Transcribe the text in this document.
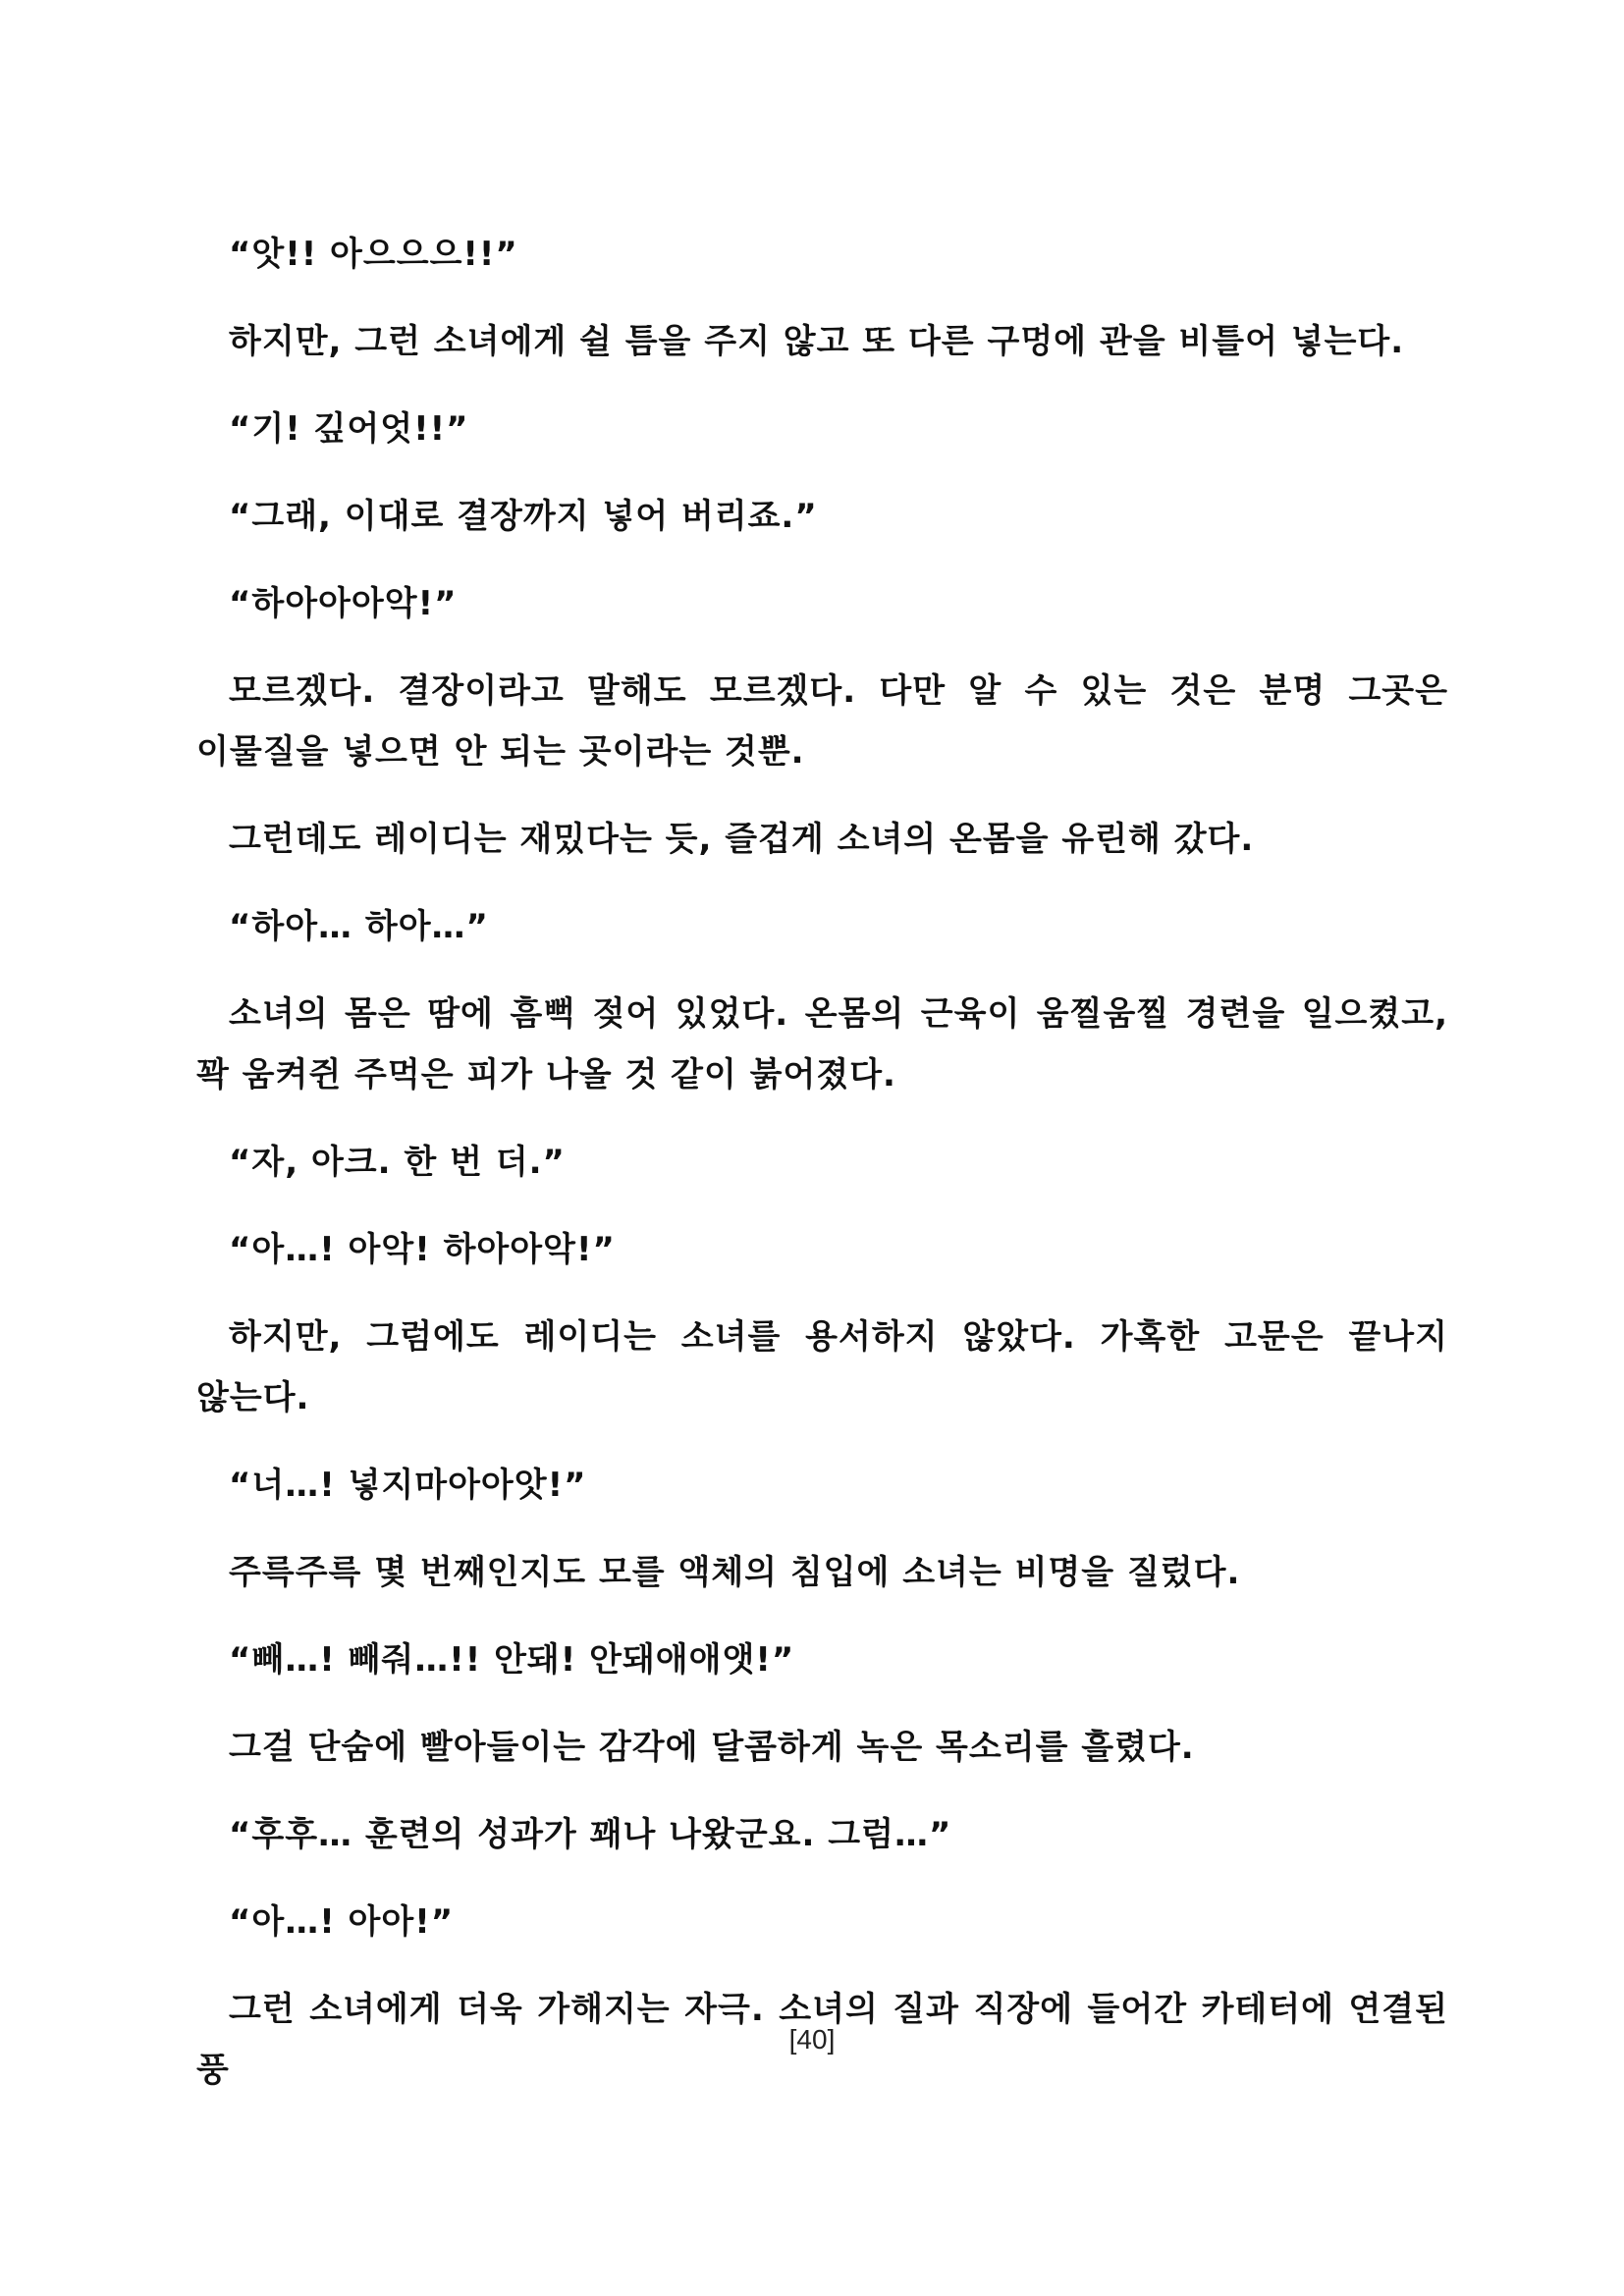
“앗!! 아으으으!!”

하지만, 그런 소녀에게 쉴 틈을 주지 않고 또 다른 구멍에 관을 비틀어 넣는다.

“기! 깊어엇!!”

“그래, 이대로 결장까지 넣어 버리죠.”

“하아아아악!”

모르겠다. 결장이라고 말해도 모르겠다. 다만 알 수 있는 것은 분명 그곳은 이물질을 넣으면 안 되는 곳이라는 것뿐.

그런데도 레이디는 재밌다는 듯, 즐겁게 소녀의 온몸을 유린해 갔다.

“하아… 하아…”

소녀의 몸은 땀에 흠뻑 젖어 있었다. 온몸의 근육이 움찔움찔 경련을 일으켰고, 꽉 움켜쥔 주먹은 피가 나올 것 같이 붉어졌다.

“자, 아크. 한 번 더.”

“아…! 아악! 하아아악!”

하지만, 그럼에도 레이디는 소녀를 용서하지 않았다. 가혹한 고문은 끝나지 않는다.

“너…! 넣지마아아앗!”

주륵주륵 몇 번째인지도 모를 액체의 침입에 소녀는 비명을 질렀다.

“빼…! 빼줘…!! 안돼! 안돼애애앳!”

그걸 단숨에 빨아들이는 감각에 달콤하게 녹은 목소리를 흘렸다.

“후후… 훈련의 성과가 꽤나 나왔군요. 그럼…”

“아…! 아아!”

그런 소녀에게 더욱 가해지는 자극. 소녀의 질과 직장에 들어간 카테터에 연결된 풍

[40]
